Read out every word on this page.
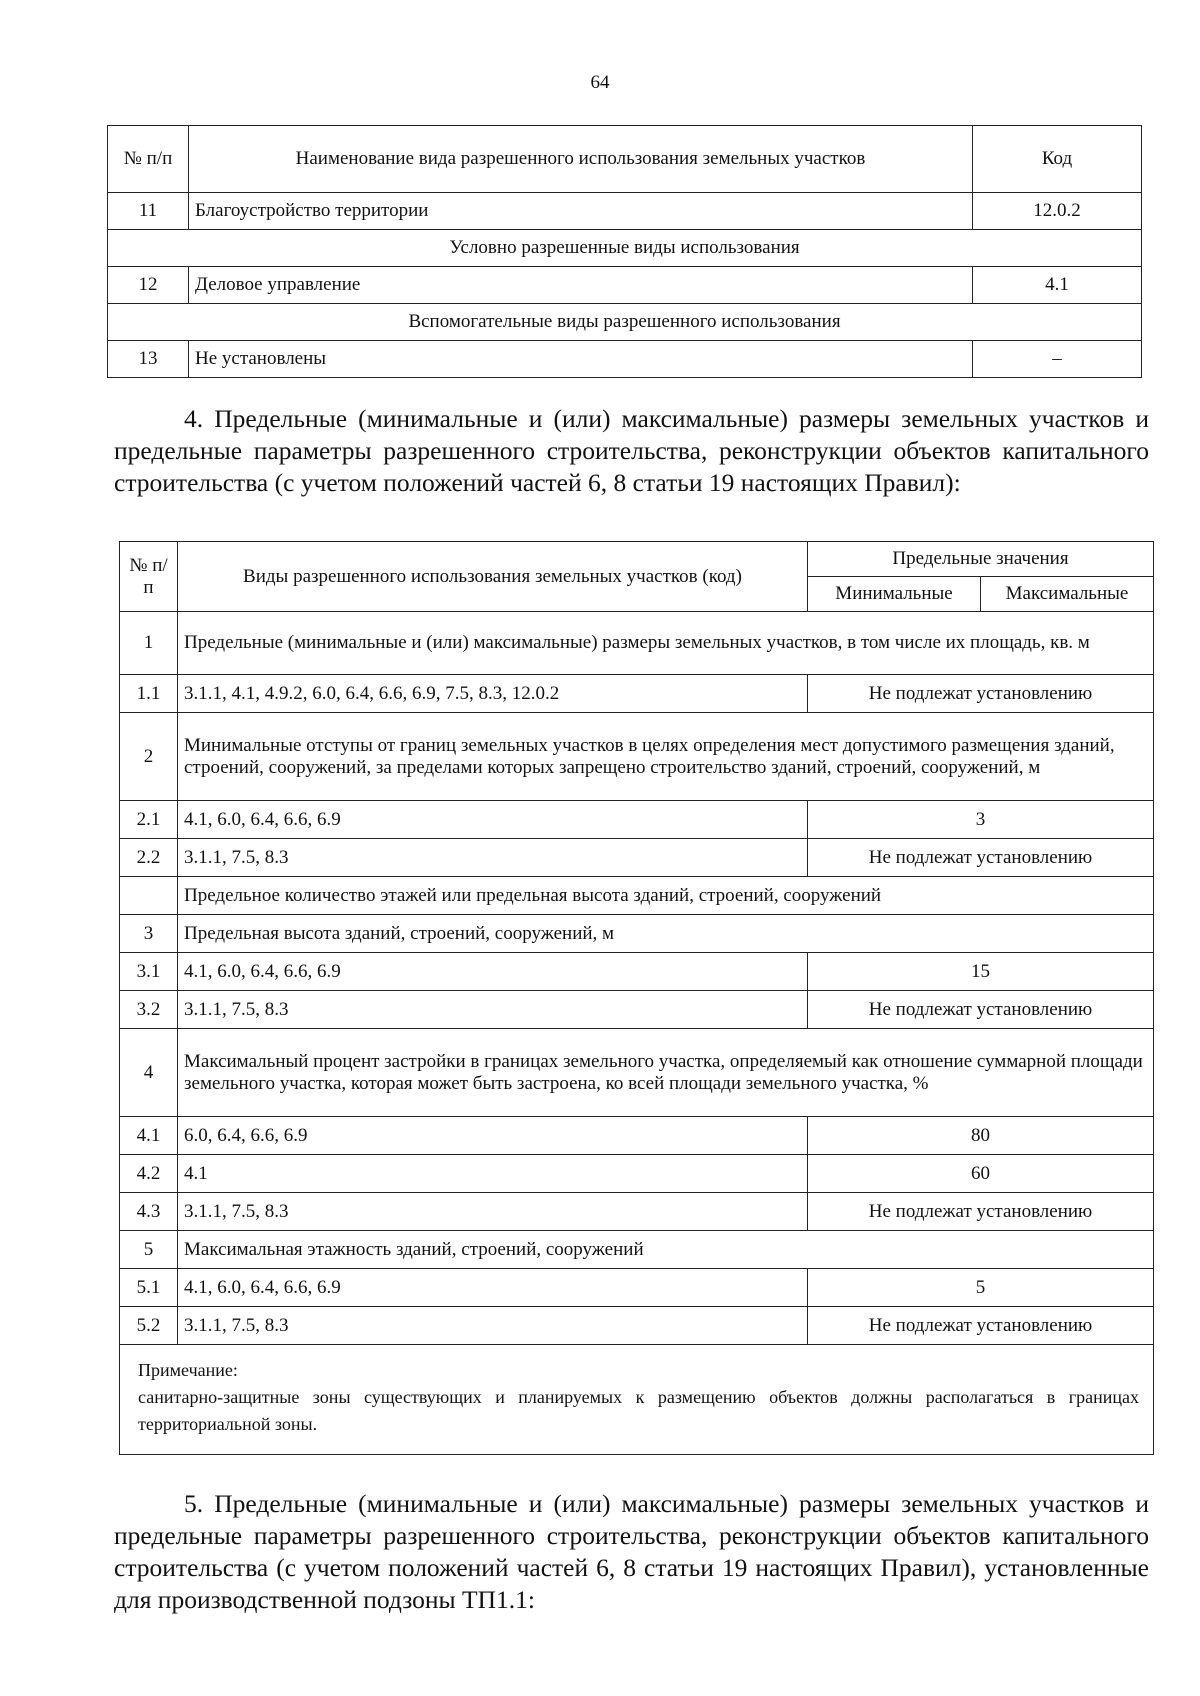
64
№ п/п	Наименование вида разрешенного использования земельных участков	Код
11	Благоустройство территории	12.0.2
Условно разрешенные виды использования		
12	Деловое управление	4.1
Вспомогательные виды разрешенного использования		
13	Не установлены	–
4. Предельные (минимальные и (или) максимальные) размеры земельных участков и предельные параметры разрешенного строительства, реконструкции объектов капитального строительства (с учетом положений частей 6, 8 статьи 19 настоящих Правил):
№ п/п	Виды разрешенного использования земельных участков (код)	Предельные значения	
		Минимальные	Максимальные
1	Предельные (минимальные и (или) максимальные) размеры земельных участков, в том числе их площадь, кв. м		
1.1	3.1.1, 4.1, 4.9.2, 6.0, 6.4, 6.6, 6.9, 7.5, 8.3, 12.0.2	Не подлежат установлению	
2	Минимальные отступы от границ земельных участков в целях определения мест допустимого размещения зданий, строений, сооружений, за пределами которых запрещено строительство зданий, строений, сооружений, м		
2.1	4.1, 6.0, 6.4, 6.6, 6.9	3	
2.2	3.1.1, 7.5, 8.3	Не подлежат установлению	
	Предельное количество этажей или предельная высота зданий, строений, сооружений		
3	Предельная высота зданий, строений, сооружений, м		
3.1	4.1, 6.0, 6.4, 6.6, 6.9	15	
3.2	3.1.1, 7.5, 8.3	Не подлежат установлению	
4	Максимальный процент застройки в границах земельного участка, определяемый как отношение суммарной площади земельного участка, которая может быть застроена, ко всей площади земельного участка, %		
4.1	6.0, 6.4, 6.6, 6.9	80	
4.2	4.1	60	
4.3	3.1.1, 7.5, 8.3	Не подлежат установлению	
5	Максимальная этажность зданий, строений, сооружений		
5.1	4.1, 6.0, 6.4, 6.6, 6.9	5	
5.2	3.1.1, 7.5, 8.3	Не подлежат установлению	

Примечание:
санитарно-защитные зоны существующих и планируемых к размещению объектов должны располагаться в границах территориальной зоны.			
5. Предельные (минимальные и (или) максимальные) размеры земельных участков и предельные параметры разрешенного строительства, реконструкции объектов капитального строительства (с учетом положений частей 6, 8 статьи 19 настоящих Правил), установленные для производственной подзоны ТП1.1:
